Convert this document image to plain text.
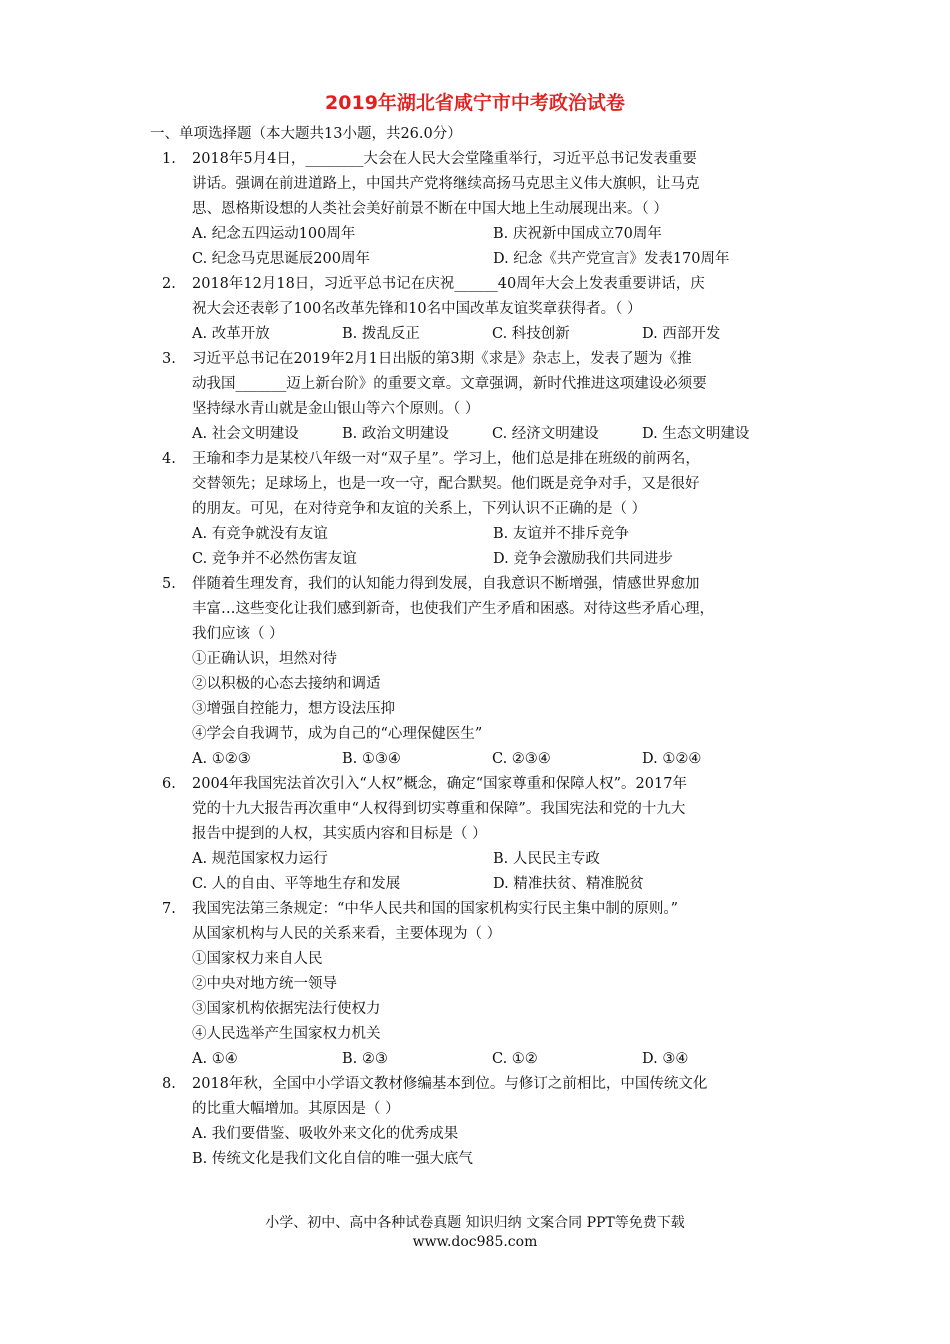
2019年湖北省咸宁市中考政治试卷
一、单项选择题（本大题共13小题，共26.0分）
1. 2018年5月4日，________大会在人民大会堂隆重举行，习近平总书记发表重要
讲话。强调在前进道路上，中国共产党将继续高扬马克思主义伟大旗帜，让马克
思、恩格斯设想的人类社会美好前景不断在中国大地上生动展现出来。（ ）
A. 纪念五四运动100周年	B. 庆祝新中国成立70周年
C. 纪念马克思诞辰200周年	D. 纪念《共产党宣言》发表170周年
2. 2018年12月18日，习近平总书记在庆祝______40周年大会上发表重要讲话，庆
祝大会还表彰了100名改革先锋和10名中国改革友谊奖章获得者。（ ）
A. 改革开放	B. 拨乱反正	C. 科技创新	D. 西部开发
3. 习近平总书记在2019年2月1日出版的第3期《求是》杂志上，发表了题为《推
动我国_______迈上新台阶》的重要文章。文章强调，新时代推进这项建设必须要
坚持绿水青山就是金山银山等六个原则。（ ）
A. 社会文明建设	B. 政治文明建设	C. 经济文明建设	D. 生态文明建设
4. 王瑜和李力是某校八年级一对“双子星”。学习上，他们总是排在班级的前两名，
交替领先；足球场上，也是一攻一守，配合默契。他们既是竞争对手，又是很好
的朋友。可见，在对待竞争和友谊的关系上，下列认识不正确的是（ ）
A. 有竞争就没有友谊	B. 友谊并不排斥竞争
C. 竞争并不必然伤害友谊	D. 竞争会激励我们共同进步
5. 伴随着生理发育，我们的认知能力得到发展，自我意识不断增强，情感世界愈加
丰富…这些变化让我们感到新奇，也使我们产生矛盾和困惑。对待这些矛盾心理，
我们应该（ ）
①正确认识，坦然对待
②以积极的心态去接纳和调适
③增强自控能力，想方设法压抑
④学会自我调节，成为自己的“心理保健医生”
A. ①②③	B. ①③④	C. ②③④	D. ①②④
6. 2004年我国宪法首次引入“人权”概念，确定“国家尊重和保障人权”。2017年
党的十九大报告再次重申“人权得到切实尊重和保障”。我国宪法和党的十九大
报告中提到的人权，其实质内容和目标是（ ）
A. 规范国家权力运行	B. 人民民主专政
C. 人的自由、平等地生存和发展	D. 精准扶贫、精准脱贫
7. 我国宪法第三条规定：“中华人民共和国的国家机构实行民主集中制的原则。”
从国家机构与人民的关系来看，主要体现为（ ）
①国家权力来自人民
②中央对地方统一领导
③国家机构依据宪法行使权力
④人民选举产生国家权力机关
A. ①④	B. ②③	C. ①②	D. ③④
8. 2018年秋，全国中小学语文教材修编基本到位。与修订之前相比，中国传统文化
的比重大幅增加。其原因是（ ）
A. 我们要借鉴、吸收外来文化的优秀成果
B. 传统文化是我们文化自信的唯一强大底气
小学、初中、高中各种试卷真题 知识归纳 文案合同 PPT等免费下载
www.doc985.com
